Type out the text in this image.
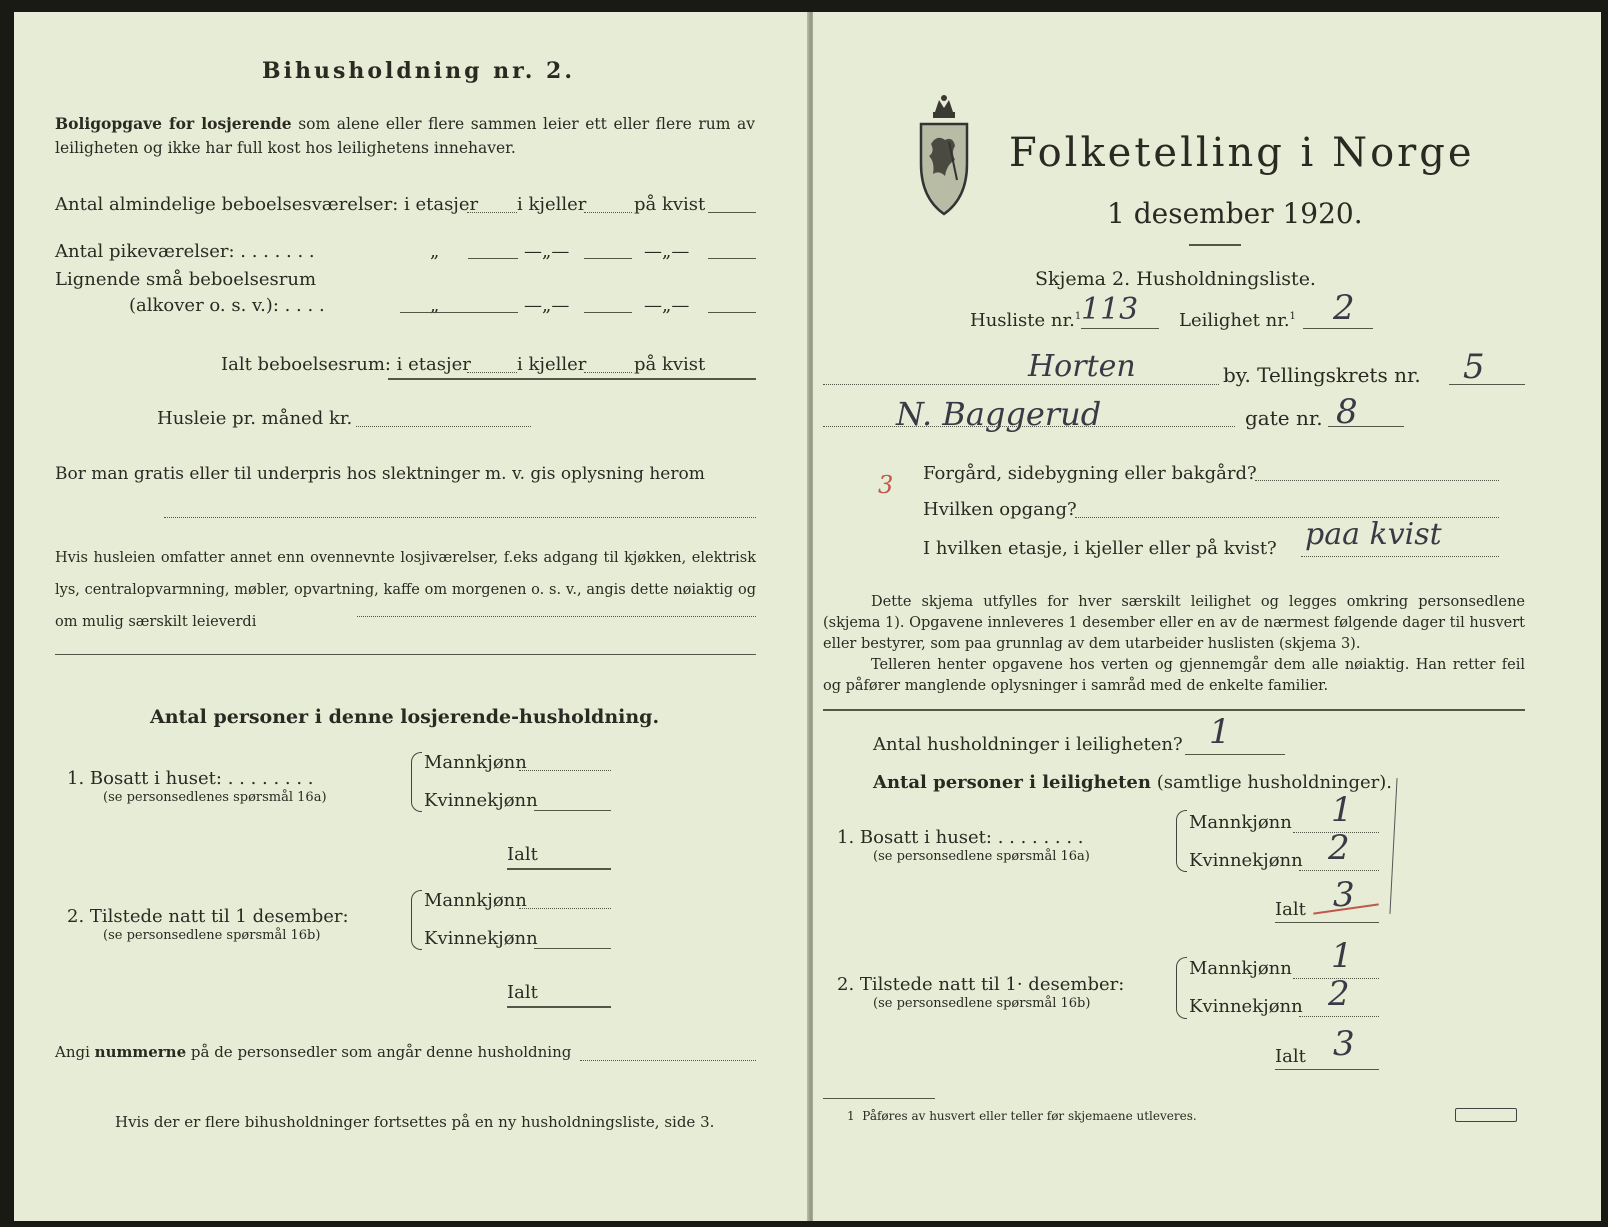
Bihusholdning nr. 2.
Boligopgave for losjerende som alene eller flere sammen leier ett eller flere rum av leiligheten og ikke har full kost hos leilighetens innehaver.
Antal almindelige beboelsesværelser: i etasjer i kjeller	på kvist
Antal pikeværelser: . . . . . . .	„	—„—	—„—
Lignende små beboelsesrum
(alkover o. s. v.): . . . .	„	—„—	—„—
Ialt beboelsesrum: i etasjer	i kjeller	på kvist
Husleie pr. måned kr.
Bor man gratis eller til underpris hos slektninger m. v. gis oplysning herom
Hvis husleien omfatter annet enn ovennevnte losjiværelser, f.eks adgang til kjøkken, elektrisk lys, centralopvarmning, møbler, opvartning, kaffe om morgenen o. s. v., angis dette nøiaktig og om mulig særskilt leieverdi
Antal personer i denne losjerende-husholdning.
1. Bosatt i huset: . . . . . . . .
(se personsedlenes spørsmål 16a)
Mannkjønn
Kvinnekjønn
Ialt
2. Tilstede natt til 1 desember:
(se personsedlene spørsmål 16b)
Mannkjønn
Kvinnekjønn
Ialt
Angi nummerne på de personsedler som angår denne husholdning
Hvis der er flere bihusholdninger fortsettes på en ny husholdningsliste, side 3.
Folketelling i Norge
1 desember 1920.
Skjema 2. Husholdningsliste.
Husliste nr.$^1$ 113 Leilighet nr.$^1$ 2
Horten	by. Tellingskrets nr. 5
N. Baggerud	gate nr. 8
3 Forgård, sidebygning eller bakgård?
Hvilken opgang?
I hvilken etasje, i kjeller eller på kvist? paa kvist
Dette skjema utfylles for hver særskilt leilighet og legges omkring personsedlene (skjema 1). Opgavene innleveres 1 desember eller en av de nærmest følgende dager til husvert eller bestyrer, som paa grunnlag av dem utarbeider huslisten (skjema 3).
Telleren henter opgavene hos verten og gjennemgår dem alle nøiaktig. Han retter feil og påfører manglende oplysninger i samråd med de enkelte familier.
Antal husholdninger i leiligheten? 1
Antal personer i leiligheten (samtlige husholdninger).
1. Bosatt i huset: . . . . . . . .
(se personsedlene spørsmål 16a)
Mannkjønn 1
Kvinnekjønn 2
Ialt 3
2. Tilstede natt til 1· desember:
(se personsedlene spørsmål 16b)
Mannkjønn 1
Kvinnekjønn 2
Ialt 3
1 Påføres av husvert eller teller før skjemaene utleveres.
